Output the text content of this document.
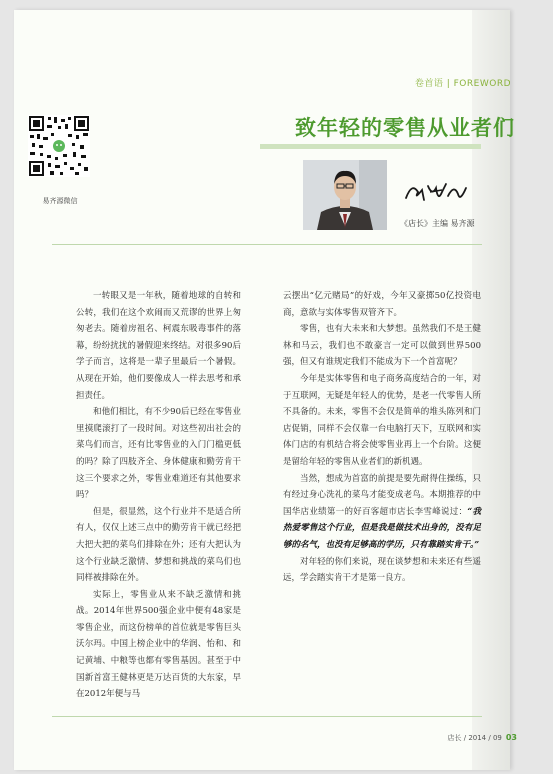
易齐源微信
卷首语 | FOREWORD
致年轻的零售从业者们
《店长》主编 易齐源

一转眼又是一年秋，随着地球的自转和公转，我们在这个欢闹而又荒谬的世界上匆匆老去。随着房祖名、柯震东吸毒事件的落幕，纷纷扰扰的暑假迎来终结。对很多90后学子而言，这将是一辈子里最后一个暑假。从现在开始，他们要像成人一样去思考和承担责任。

和他们相比，有不少90后已经在零售业里摸爬滚打了一段时间。对这些初出社会的菜鸟们而言，还有比零售业的入门门槛更低的吗？除了四肢齐全、身体健康和勤劳肯干这三个要求之外，零售业难道还有其他要求吗？

但是，很显然，这个行业并不是适合所有人，仅仅上述三点中的勤劳肯干就已经把大把大把的菜鸟们排除在外；还有大把认为这个行业缺乏激情、梦想和挑战的菜鸟们也同样被排除在外。

实际上，零售业从来不缺乏激情和挑战。2014年世界500强企业中便有48家是零售企业，而这份榜单的首位就是零售巨头沃尔玛。中国上榜企业中的华润、怡和、和记黄埔、中粮等也都有零售基因。甚至于中国新首富王健林更是万达百货的大东家，早在2012年便与马

云摆出“亿元赌局”的好戏，今年又豪掷50亿投资电商，意欲与实体零售双管齐下。

零售，也有大未来和大梦想。虽然我们不是王健林和马云，我们也不敢豪言一定可以做到世界500强，但又有谁规定我们不能成为下一个首富呢？

今年是实体零售和电子商务高度结合的一年，对于互联网，无疑是年轻人的优势，是老一代零售人所不具备的。未来，零售不会仅是简单的堆头陈列和门店促销，同样不会仅靠一台电脑打天下，互联网和实体门店的有机结合将会使零售业再上一个台阶。这便是留给年轻的零售从业者们的新机遇。

当然，想成为首富的前提是要先耐得住操练，只有经过身心洗礼的菜鸟才能变成老鸟。本期推荐的中国华店业绩第一的好百客超市店长李雪峰说过：“我热爱零售这个行业，但是我是做技术出身的，没有足够的名气，也没有足够高的学历，只有靠踏实肯干。”

对年轻的你们来说，现在谈梦想和未来还有些遥远，学会踏实肯干才是第一良方。

店长 / 2014 / 09 03
